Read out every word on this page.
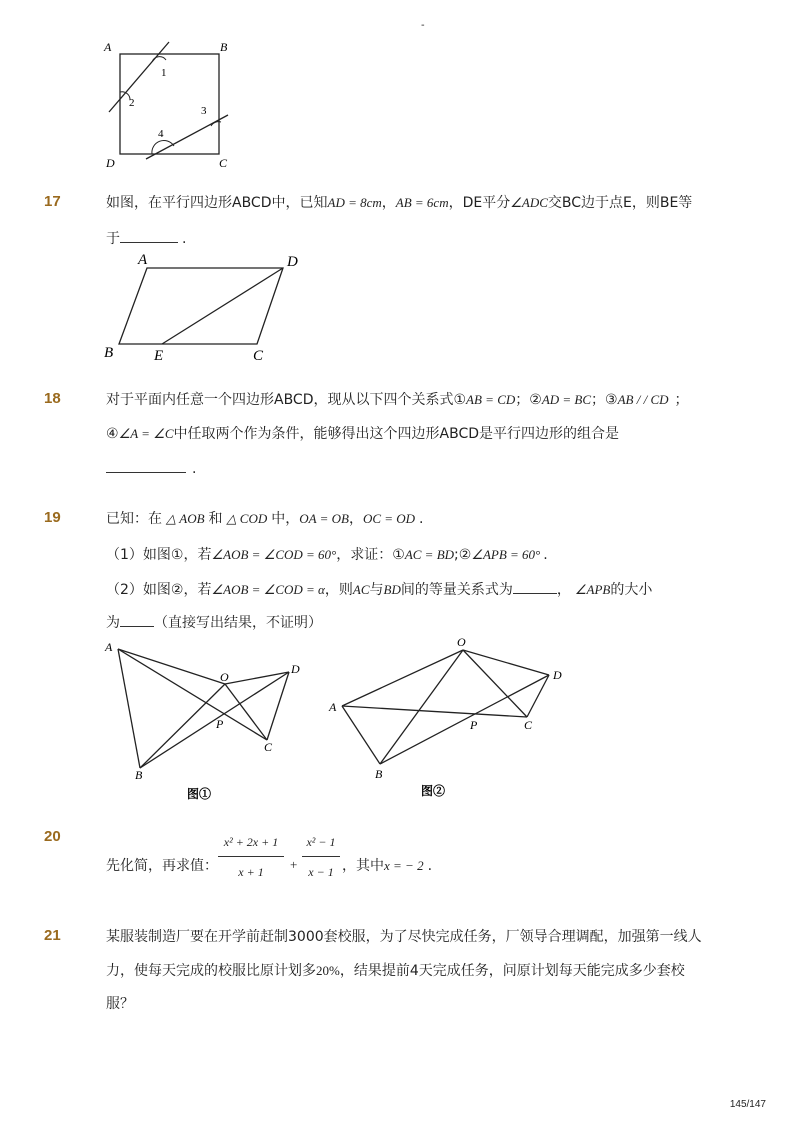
-
A	B
C
D
1
2
3
4
17	如图，在平行四边形ABCD中，已知AD = 8cm，AB = 6cm，DE平分∠ADC交BC边于点E，则BE等
于	.
A	D
B	E	C
18	对于平面内任意一个四边形ABCD，现从以下四个关系式①AB = CD；②AD = BC；③AB / / CD ；
④∠A = ∠C中任取两个作为条件，能够得出这个四边形ABCD是平行四边形的组合是
.
19	已知：在 △ AOB 和 △ COD 中，OA = OB，OC = OD .
（1）如图①，若∠AOB = ∠COD = 60°，求证：①AC = BD;②∠APB = 60° .
（2）如图②，若∠AOB = ∠COD = α，则AC与BD间的等量关系式为	， ∠APB的大小
为 （直接写出结果，不证明）
A
O
D
P
C
B
图①
O
D
A
P	C
B
图②
20
先化简，再求值：
x² + 2x + 1
x + 1	+
x² − 1
x − 1 ，其中x = − 2 .
21	某服装制造厂要在开学前赶制3000套校服，为了尽快完成任务，厂领导合理调配，加强第一线人
力，使每天完成的校服比原计划多20%，结果提前4天完成任务，问原计划每天能完成多少套校
服？
145/147
